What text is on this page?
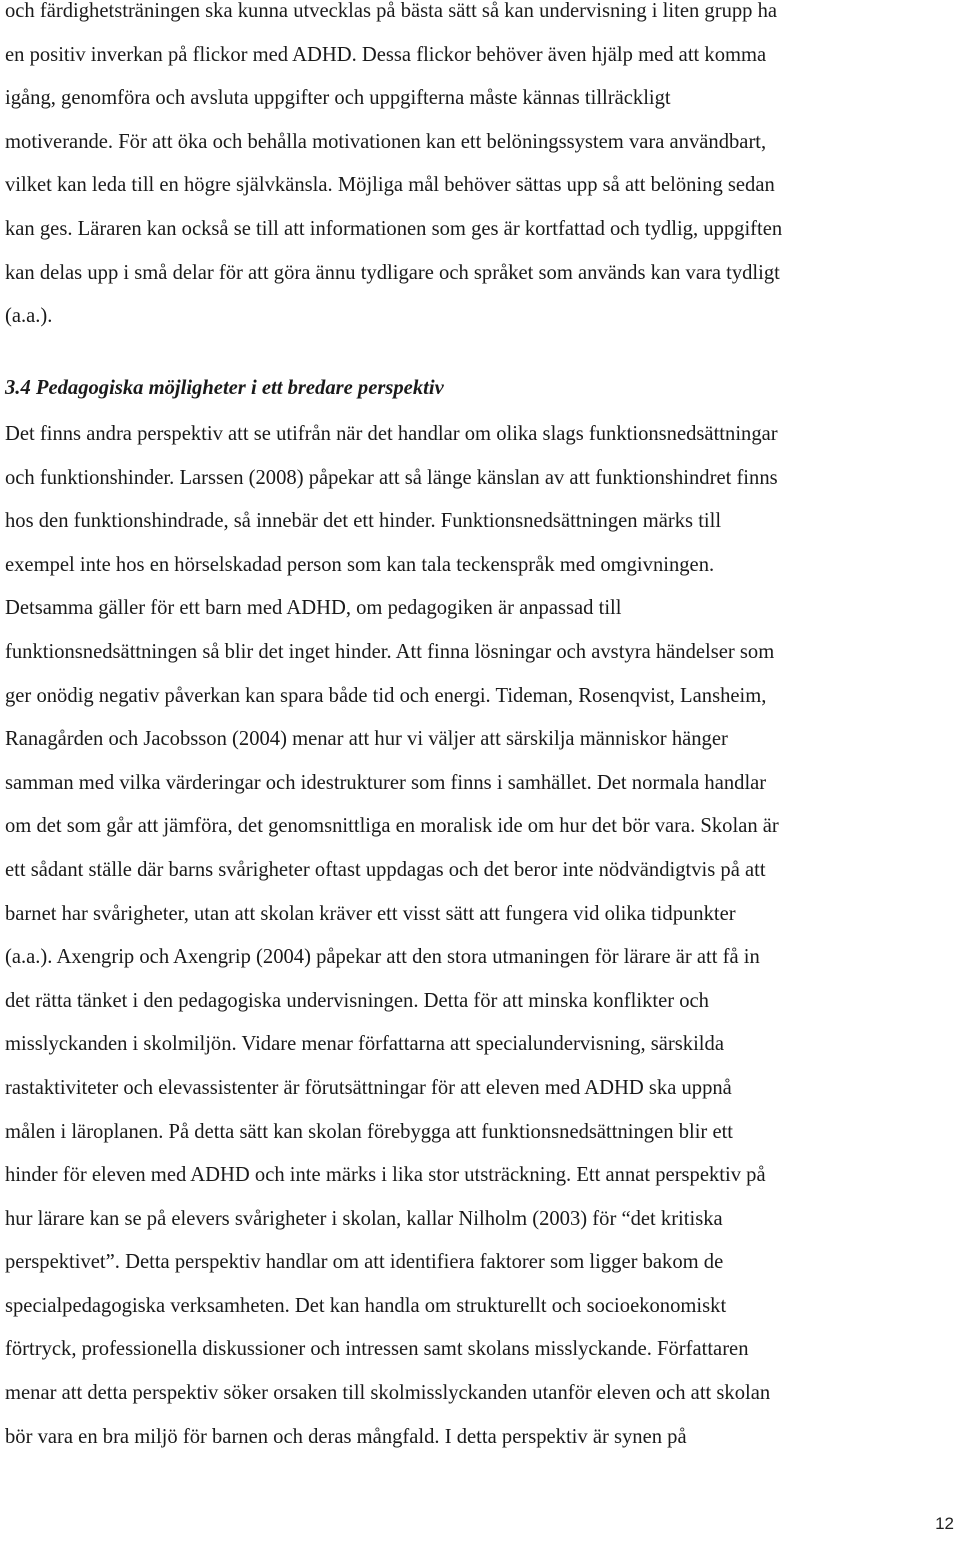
och färdighetsträningen ska kunna utvecklas på bästa sätt så kan undervisning i liten grupp ha
en positiv inverkan på flickor med ADHD. Dessa flickor behöver även hjälp med att komma
igång, genomföra och avsluta uppgifter och uppgifterna måste kännas tillräckligt
motiverande. För att öka och behålla motivationen kan ett belöningssystem vara användbart,
vilket kan leda till en högre självkänsla. Möjliga mål behöver sättas upp så att belöning sedan
kan ges. Läraren kan också se till att informationen som ges är kortfattad och tydlig, uppgiften
kan delas upp i små delar för att göra ännu tydligare och språket som används kan vara tydligt
(a.a.).
3.4 Pedagogiska möjligheter i ett bredare perspektiv
Det finns andra perspektiv att se utifrån när det handlar om olika slags funktionsnedsättningar
och funktionshinder. Larssen (2008) påpekar att så länge känslan av att funktionshindret finns
hos den funktionshindrade, så innebär det ett hinder. Funktionsnedsättningen märks till
exempel inte hos en hörselskadad person som kan tala teckenspråk med omgivningen.
Detsamma gäller för ett barn med ADHD, om pedagogiken är anpassad till
funktionsnedsättningen så blir det inget hinder. Att finna lösningar och avstyra händelser som
ger onödig negativ påverkan kan spara både tid och energi. Tideman, Rosenqvist, Lansheim,
Ranagården och Jacobsson (2004) menar att hur vi väljer att särskilja människor hänger
samman med vilka värderingar och idestrukturer som finns i samhället. Det normala handlar
om det som går att jämföra, det genomsnittliga en moralisk ide om hur det bör vara. Skolan är
ett sådant ställe där barns svårigheter oftast uppdagas och det beror inte nödvändigtvis på att
barnet har svårigheter, utan att skolan kräver ett visst sätt att fungera vid olika tidpunkter
(a.a.). Axengrip och Axengrip (2004) påpekar att den stora utmaningen för lärare är att få in
det rätta tänket i den pedagogiska undervisningen. Detta för att minska konflikter och
misslyckanden i skolmiljön. Vidare menar författarna att specialundervisning, särskilda
rastaktiviteter och elevassistenter är förutsättningar för att eleven med ADHD ska uppnå
målen i läroplanen. På detta sätt kan skolan förebygga att funktionsnedsättningen blir ett
hinder för eleven med ADHD och inte märks i lika stor utsträckning. Ett annat perspektiv på
hur lärare kan se på elevers svårigheter i skolan, kallar Nilholm (2003) för “det kritiska
perspektivet”. Detta perspektiv handlar om att identifiera faktorer som ligger bakom de
specialpedagogiska verksamheten. Det kan handla om strukturellt och socioekonomiskt
förtryck, professionella diskussioner och intressen samt skolans misslyckande. Författaren
menar att detta perspektiv söker orsaken till skolmisslyckanden utanför eleven och att skolan
bör vara en bra miljö för barnen och deras mångfald. I detta perspektiv är synen på
12
